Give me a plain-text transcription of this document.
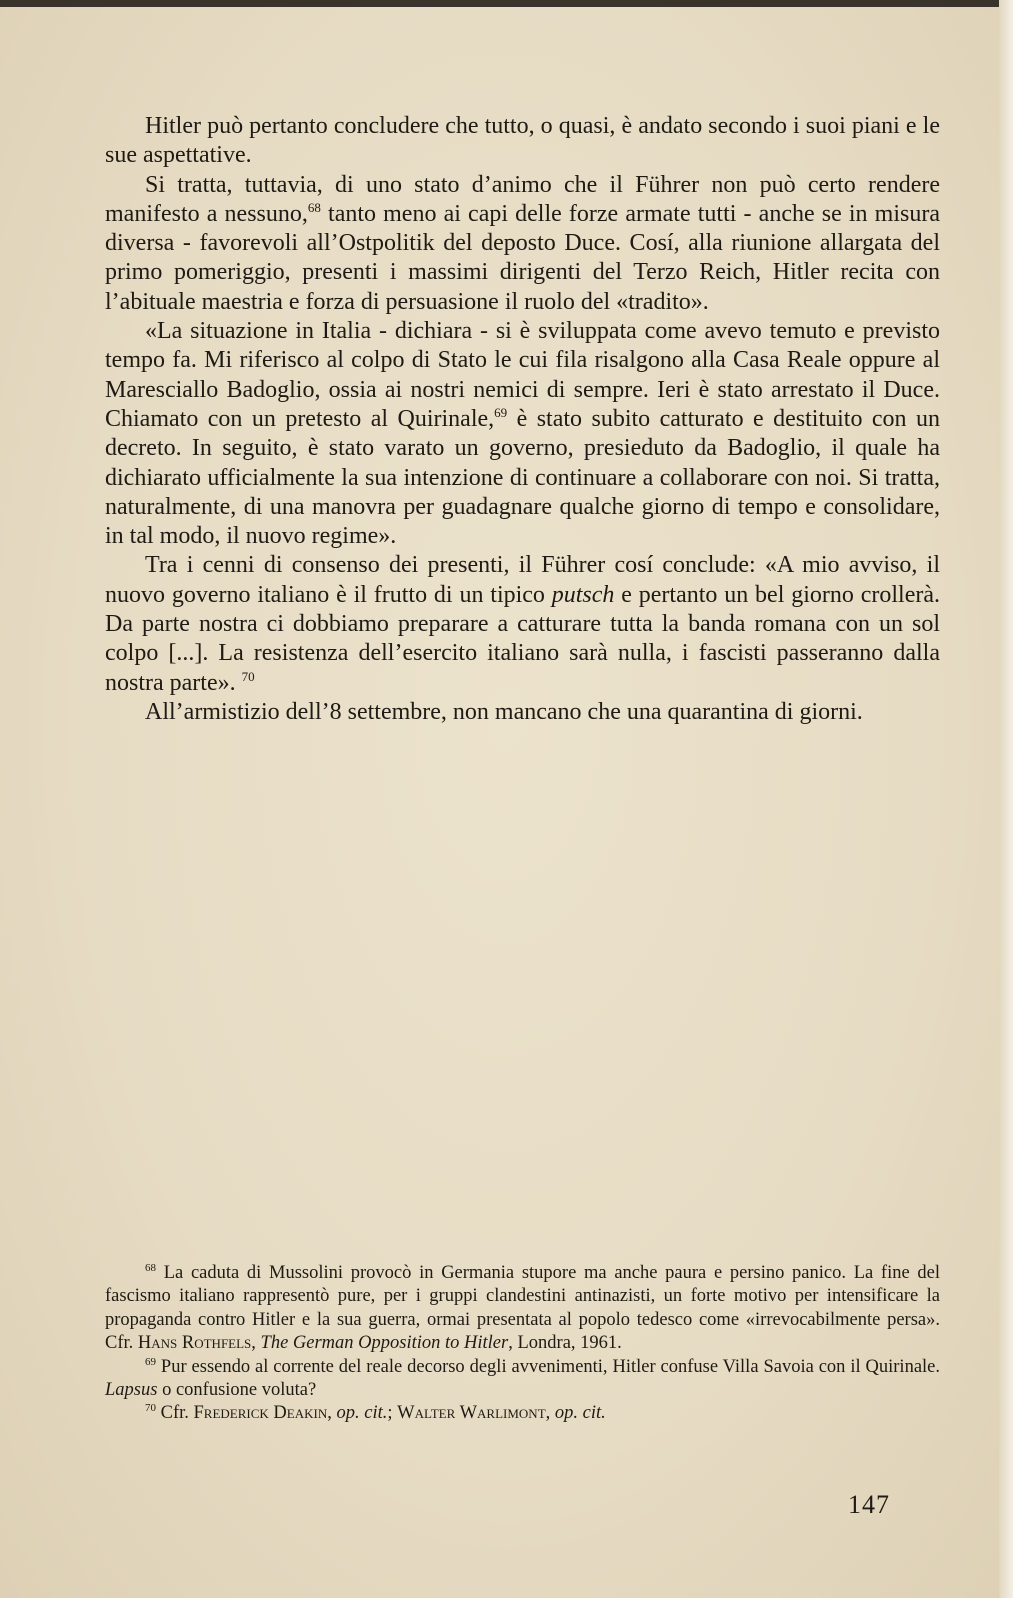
Hitler può pertanto concludere che tutto, o quasi, è andato secondo i suoi piani e le sue aspettative.

Si tratta, tuttavia, di uno stato d’animo che il Führer non può certo rendere manifesto a nessuno,$^{68}$ tanto meno ai capi delle forze armate tutti - anche se in misura diversa - favorevoli all’Ostpolitik del deposto Duce. Cosí, alla riunione allargata del primo pomeriggio, presenti i massimi dirigenti del Terzo Reich, Hitler recita con l’abituale maestria e forza di persuasione il ruolo del «tradito».

«La situazione in Italia - dichiara - si è sviluppata come avevo temuto e previsto tempo fa. Mi riferisco al colpo di Stato le cui fila risalgono alla Casa Reale oppure al Maresciallo Badoglio, ossia ai nostri nemici di sempre. Ieri è stato arrestato il Duce. Chiamato con un pretesto al Quirinale,$^{69}$ è stato subito catturato e destituito con un decreto. In seguito, è stato varato un governo, presieduto da Badoglio, il quale ha dichiarato ufficialmente la sua intenzione di continuare a collaborare con noi. Si tratta, naturalmente, di una manovra per guadagnare qualche giorno di tempo e consolidare, in tal modo, il nuovo regime».

Tra i cenni di consenso dei presenti, il Führer cosí conclude: «A mio avviso, il nuovo governo italiano è il frutto di un tipico putsch e pertanto un bel giorno crollerà. Da parte nostra ci dobbiamo preparare a catturare tutta la banda romana con un sol colpo [...]. La resistenza dell’esercito italiano sarà nulla, i fascisti passeranno dalla nostra parte». $^{70}$

All’armistizio dell’8 settembre, non mancano che una quarantina di giorni.

$^{68}$ La caduta di Mussolini provocò in Germania stupore ma anche paura e persino panico. La fine del fascismo italiano rappresentò pure, per i gruppi clandestini antinazisti, un forte motivo per intensificare la propaganda contro Hitler e la sua guerra, ormai presentata al popolo tedesco come «irrevocabilmente persa». Cfr. Hans Rothfels, The German Opposition to Hitler, Londra, 1961.

$^{69}$ Pur essendo al corrente del reale decorso degli avvenimenti, Hitler confuse Villa Savoia con il Quirinale. Lapsus o confusione voluta?

$^{70}$ Cfr. Frederick Deakin, op. cit.; Walter Warlimont, op. cit.

147
